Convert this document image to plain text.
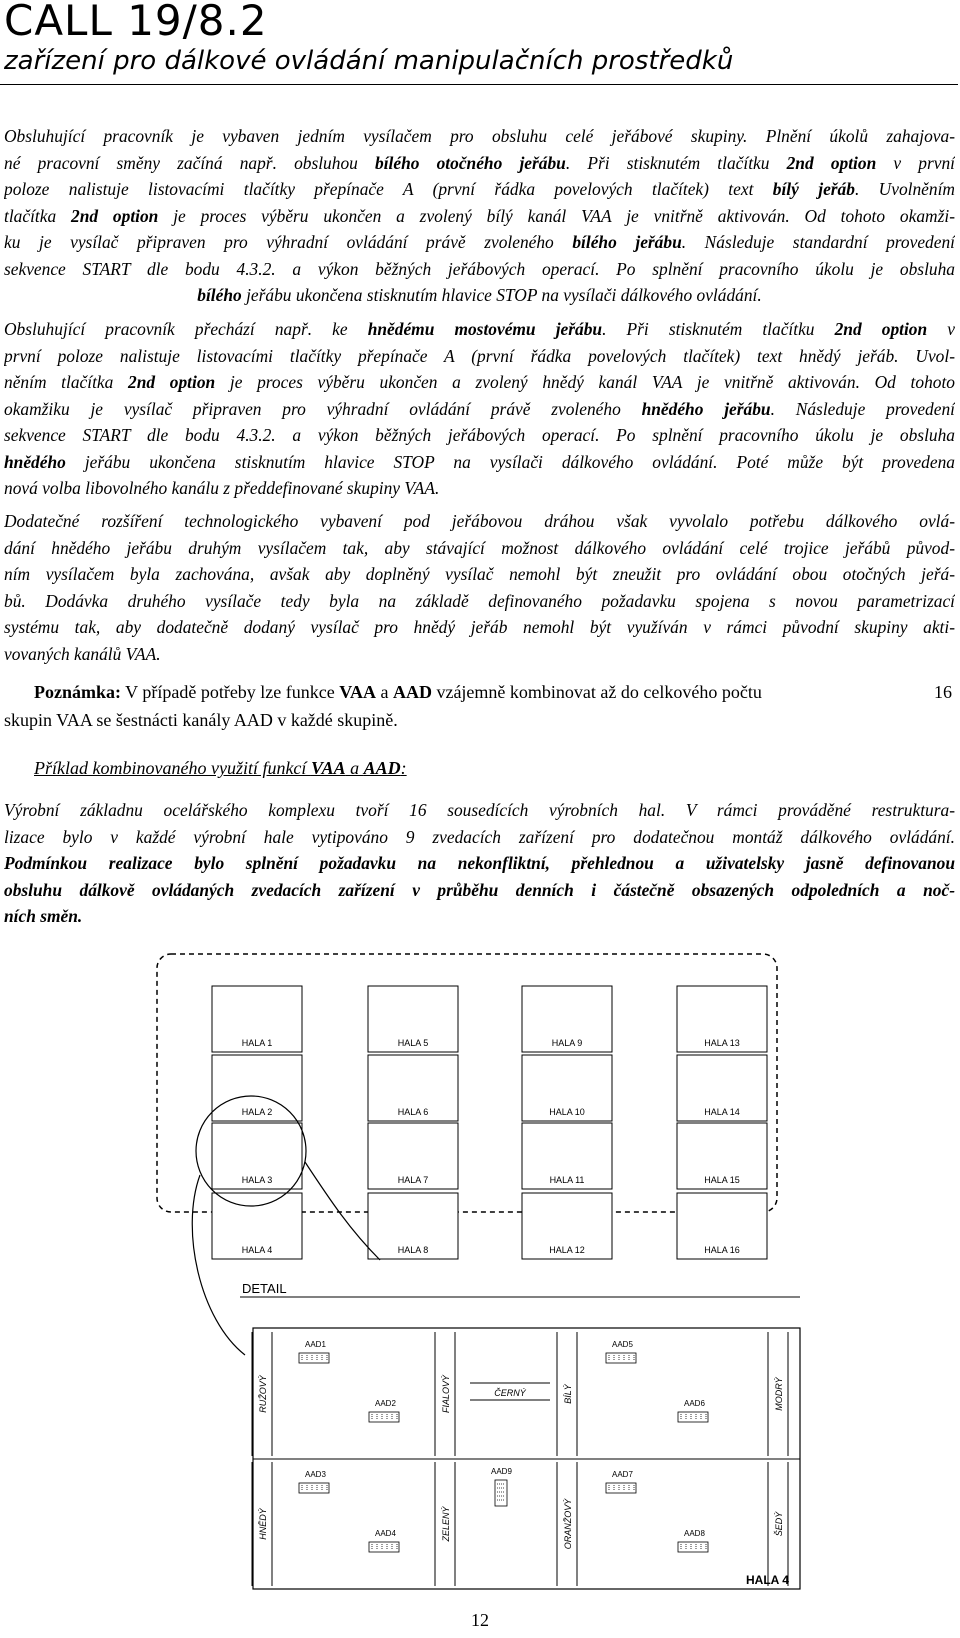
CALL 19/8.2
zařízení pro dálkové ovládání manipulačních prostředků
Obsluhující pracovník je vybaven jedním vysílačem pro obsluhu celé jeřábové skupiny. Plnění úkolů zahajova-
né pracovní směny začíná např. obsluhou bílého otočného jeřábu. Při stisknutém tlačítku 2nd option v první
poloze nalistuje listovacími tlačítky přepínače A (první řádka povelových tlačítek) text bílý jeřáb. Uvolněním
tlačítka 2nd option je proces výběru ukončen a zvolený bílý kanál VAA je vnitřně aktivován. Od tohoto okamži-
ku je vysílač připraven pro výhradní ovládání právě zvoleného bílého jeřábu. Následuje standardní provedení
sekvence START dle bodu 4.3.2. a výkon běžných jeřábových operací. Po splnění pracovního úkolu je obsluha
bílého jeřábu ukončena stisknutím hlavice STOP na vysílači dálkového ovládání.
Obsluhující pracovník přechází např. ke hnědému mostovému jeřábu. Při stisknutém tlačítku 2nd option v
první poloze nalistuje listovacími tlačítky přepínače A (první řádka povelových tlačítek) text hnědý jeřáb. Uvol-
něním tlačítka 2nd option je proces výběru ukončen a zvolený hnědý kanál VAA je vnitřně aktivován. Od tohoto
okamžiku je vysílač připraven pro výhradní ovládání právě zvoleného hnědého jeřábu. Následuje provedení
sekvence START dle bodu 4.3.2. a výkon běžných jeřábových operací. Po splnění pracovního úkolu je obsluha
hnědého jeřábu ukončena stisknutím hlavice STOP na vysílači dálkového ovládání. Poté může být provedena
nová volba libovolného kanálu z předdefinované skupiny VAA.
Dodatečné rozšíření technologického vybavení pod jeřábovou dráhou však vyvolalo potřebu dálkového ovlá-
dání hnědého jeřábu druhým vysílačem tak, aby stávající možnost dálkového ovládání celé trojice jeřábů původ-
ním vysílačem byla zachována, avšak aby doplněný vysílač nemohl být zneužit pro ovládání obou otočných jeřá-
bů. Dodávka druhého vysílače tedy byla na základě definovaného požadavku spojena s novou parametrizací
systému tak, aby dodatečně dodaný vysílač pro hnědý jeřáb nemohl být využíván v rámci původní skupiny akti-
vovaných kanálů VAA.
Poznámka: V případě potřeby lze funkce VAA a AAD vzájemně kombinovat až do celkového počtu	16
skupin VAA se šestnácti kanály AAD v každé skupině.
Příklad kombinovaného využití funkcí VAA a AAD:
Výrobní základnu ocelářského komplexu tvoří 16 sousedících výrobních hal. V rámci prováděné restruktura-
lizace bylo v každé výrobní hale vytipováno 9 zvedacích zařízení pro dodatečnou montáž dálkového ovládání.
Podmínkou realizace bylo splnění požadavku na nekonfliktní, přehlednou a uživatelsky jasně definovanou
obsluhu dálkově ovládaných zvedacích zařízení v průběhu denních i částečně obsazených odpoledních a noč-
ních směn.
HALA 1	HALA 5	HALA 9	HALA 13
HALA 2	HALA 6	HALA 10	HALA 14
HALA 3	HALA 7	HALA 11	HALA 15
HALA 4	HALA 8	HALA 12	HALA 16
DETAIL
RUŽOVÝ	FIALOVÝ	BÍLÝ	MODRÝ
ČERNÝ
HNĚDÝ	ZELENÝ	ORANŽOVÝ	ŠEDÝ
AAD1
AAD2
AAD5
AAD6
AAD3
AAD4
AAD9	AAD7
AAD8
HALA 4
12
